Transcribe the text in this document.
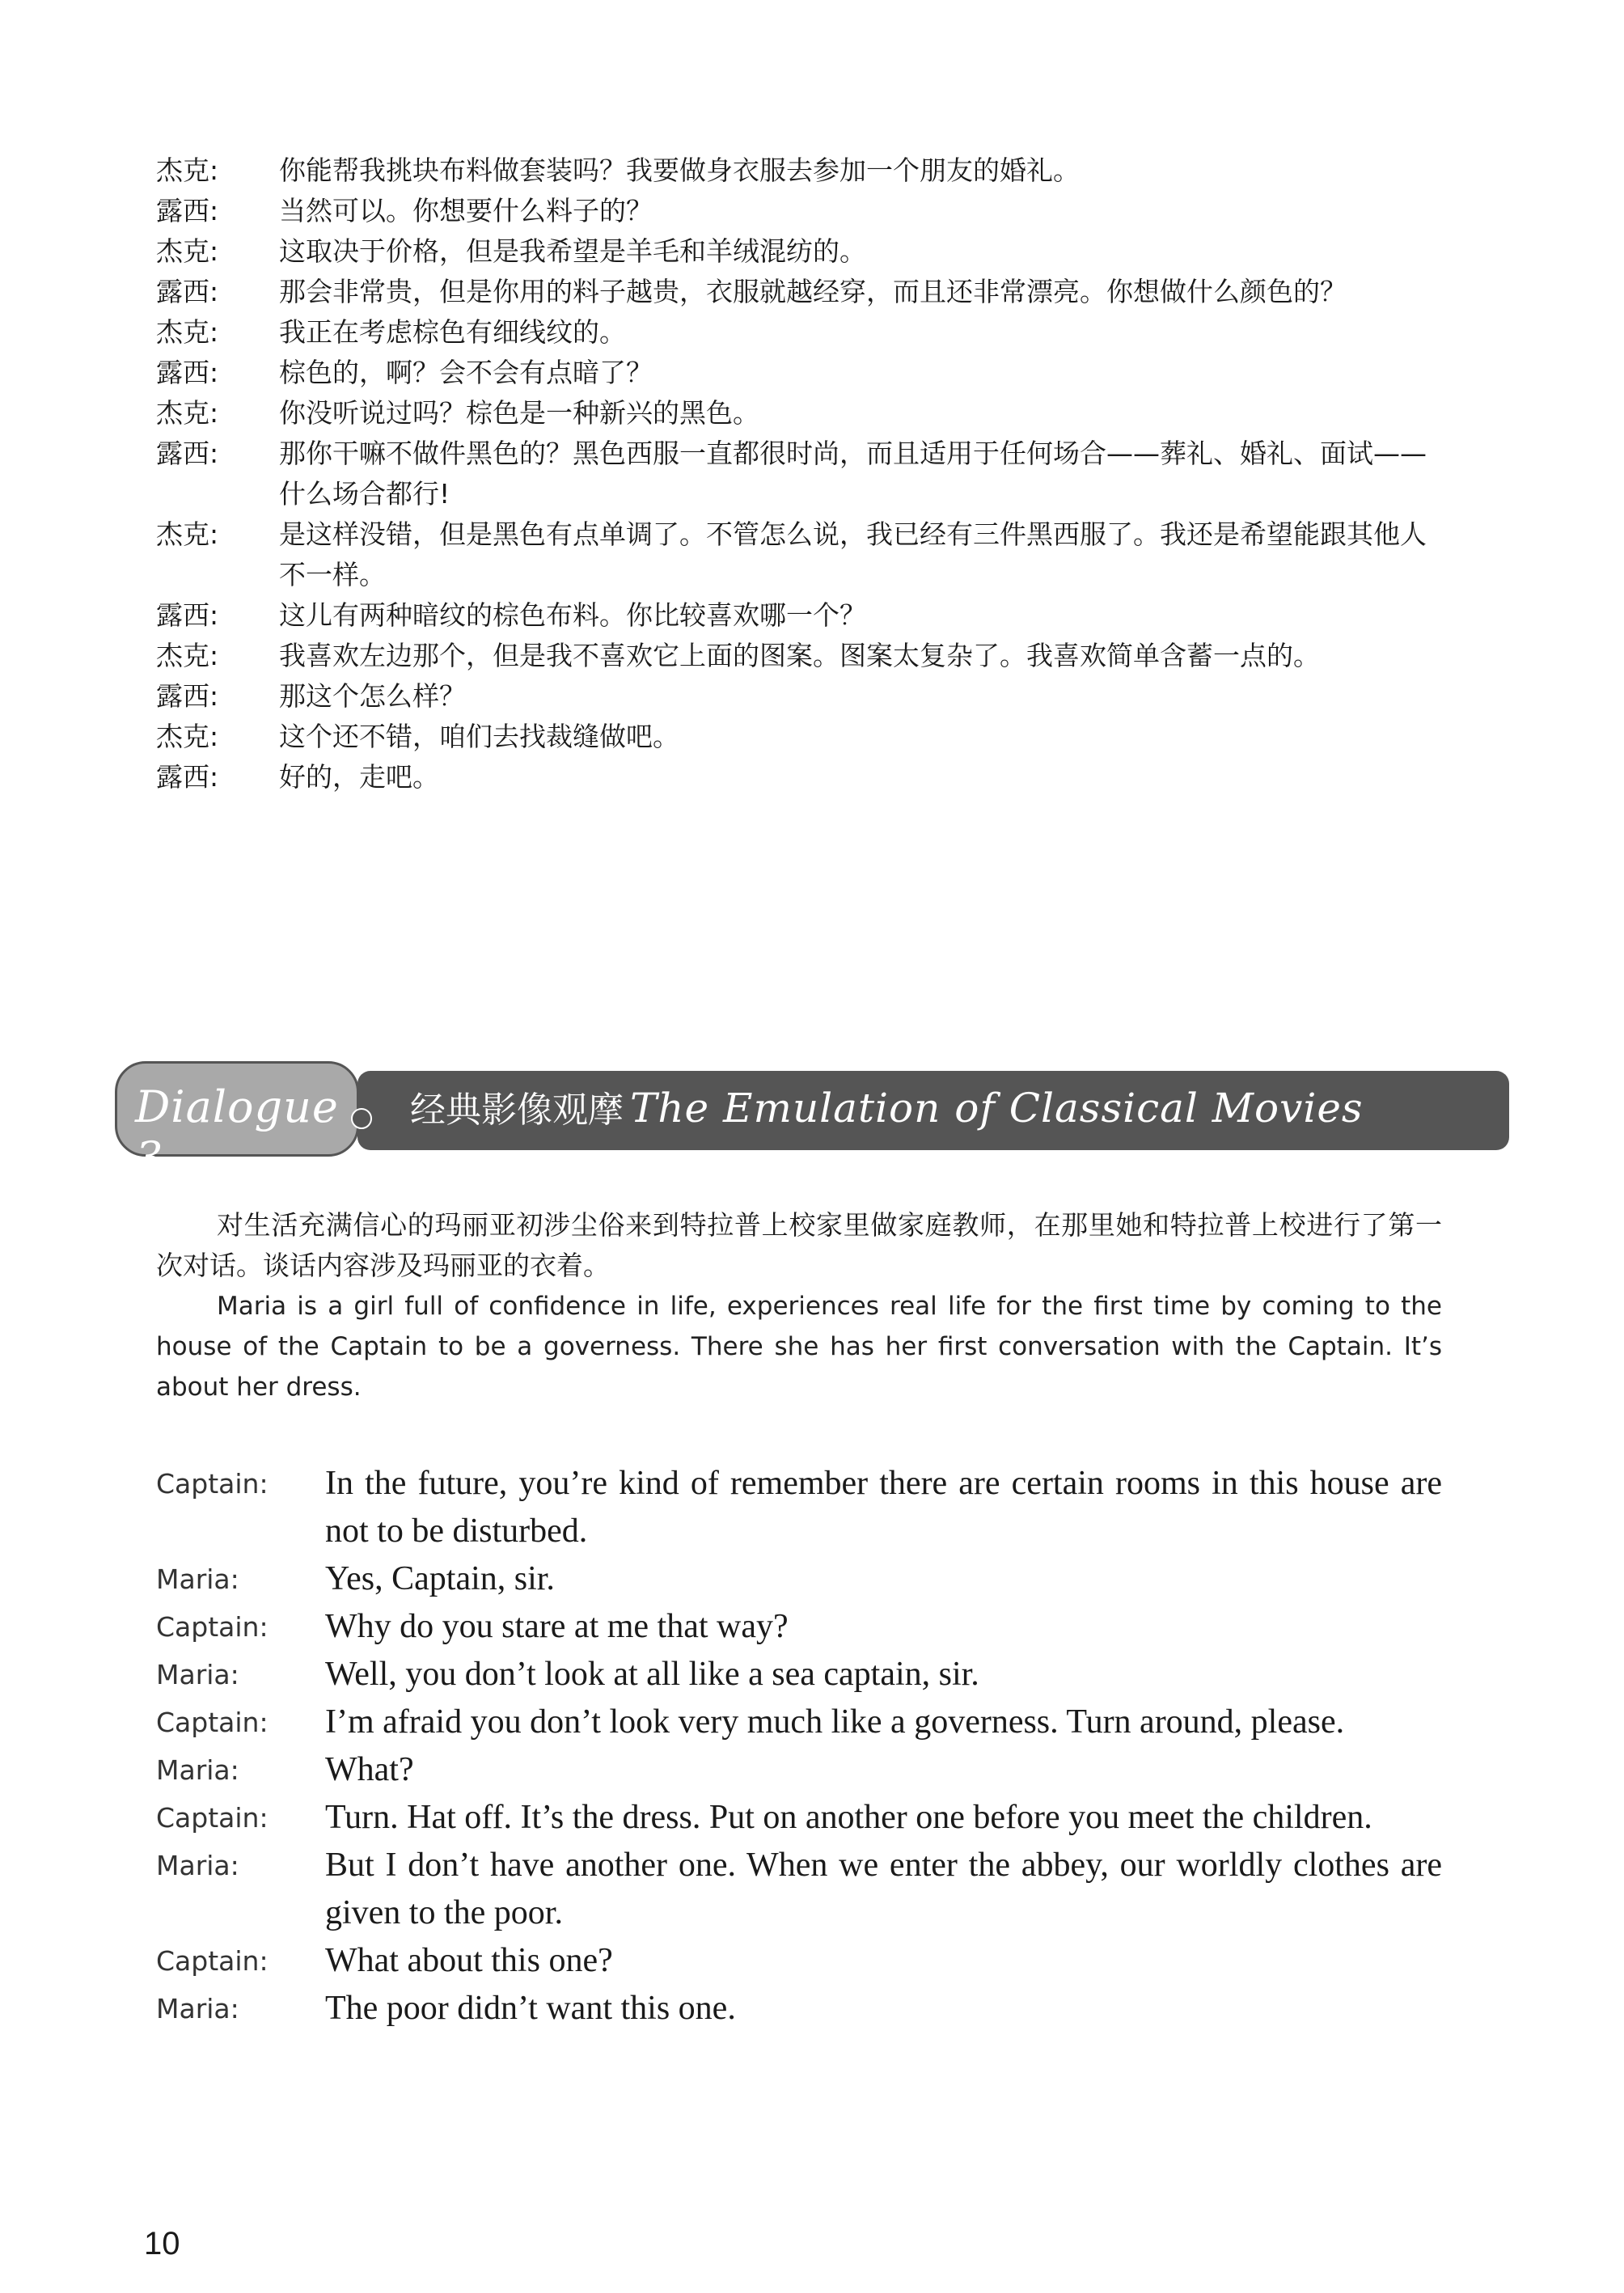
杰克:	你能帮我挑块布料做套装吗？我要做身衣服去参加一个朋友的婚礼。
露西:	当然可以。你想要什么料子的？
杰克:	这取决于价格，但是我希望是羊毛和羊绒混纺的。
露西:	那会非常贵，但是你用的料子越贵，衣服就越经穿，而且还非常漂亮。你想做什么颜色的？
杰克:	我正在考虑棕色有细线纹的。
露西:	棕色的，啊？会不会有点暗了？
杰克:	你没听说过吗？棕色是一种新兴的黑色。
露西:	那你干嘛不做件黑色的？黑色西服一直都很时尚，而且适用于任何场合——葬礼、婚礼、面试——什么场合都行!
杰克:	是这样没错，但是黑色有点单调了。不管怎么说，我已经有三件黑西服了。我还是希望能跟其他人不一样。
露西:	这儿有两种暗纹的棕色布料。你比较喜欢哪一个？
杰克:	我喜欢左边那个，但是我不喜欢它上面的图案。图案太复杂了。我喜欢简单含蓄一点的。
露西:	那这个怎么样？
杰克:	这个还不错，咱们去找裁缝做吧。
露西:	好的，走吧。
Dialogue 3
经典影像观摩 The Emulation of Classical Movies

对生活充满信心的玛丽亚初涉尘俗来到特拉普上校家里做家庭教师，在那里她和特拉普上校进行了第一次对话。谈话内容涉及玛丽亚的衣着。

Maria is a girl full of confidence in life, experiences real life for the first time by coming to the house of the Captain to be a governess. There she has her first conversation with the Captain. It’s about her dress.

Captain:	In the future, you’re kind of remember there are certain rooms in this house are not to be disturbed.
Maria:	Yes, Captain, sir.
Captain:	Why do you stare at me that way?
Maria:	Well, you don’t look at all like a sea captain, sir.
Captain:	I’m afraid you don’t look very much like a governess. Turn around, please.
Maria:	What?
Captain:	Turn. Hat off. It’s the dress. Put on another one before you meet the children.
Maria:	But I don’t have another one. When we enter the abbey, our worldly clothes are given to the poor.
Captain:	What about this one?
Maria:	The poor didn’t want this one.
10
